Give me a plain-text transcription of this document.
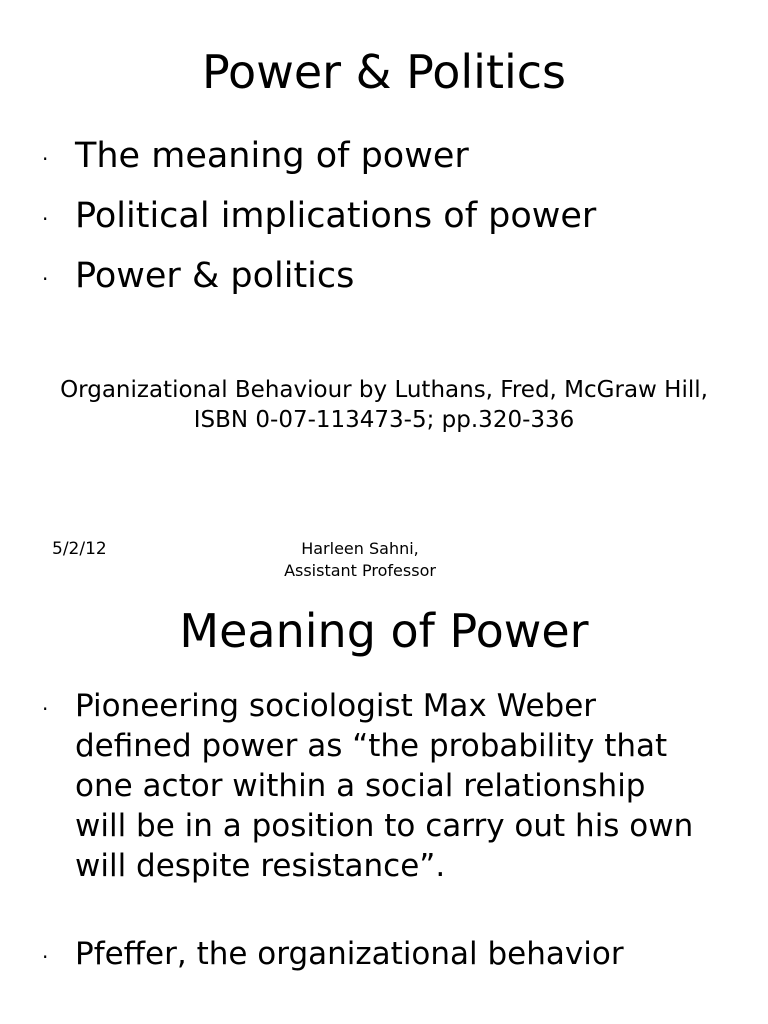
Power & Politics
· The meaning of power
· Political implications of power
· Power & politics
Organizational Behaviour by Luthans, Fred, McGraw Hill, ISBN 0-07-113473-5; pp.320-336
5/2/12	Harleen Sahni,
Assistant Professor
Meaning of Power
· Pioneering sociologist Max Weber defined power as “the probability that one actor within a social relationship will be in a position to carry out his own will despite resistance”.
· Pfeffer, the organizational behavior
